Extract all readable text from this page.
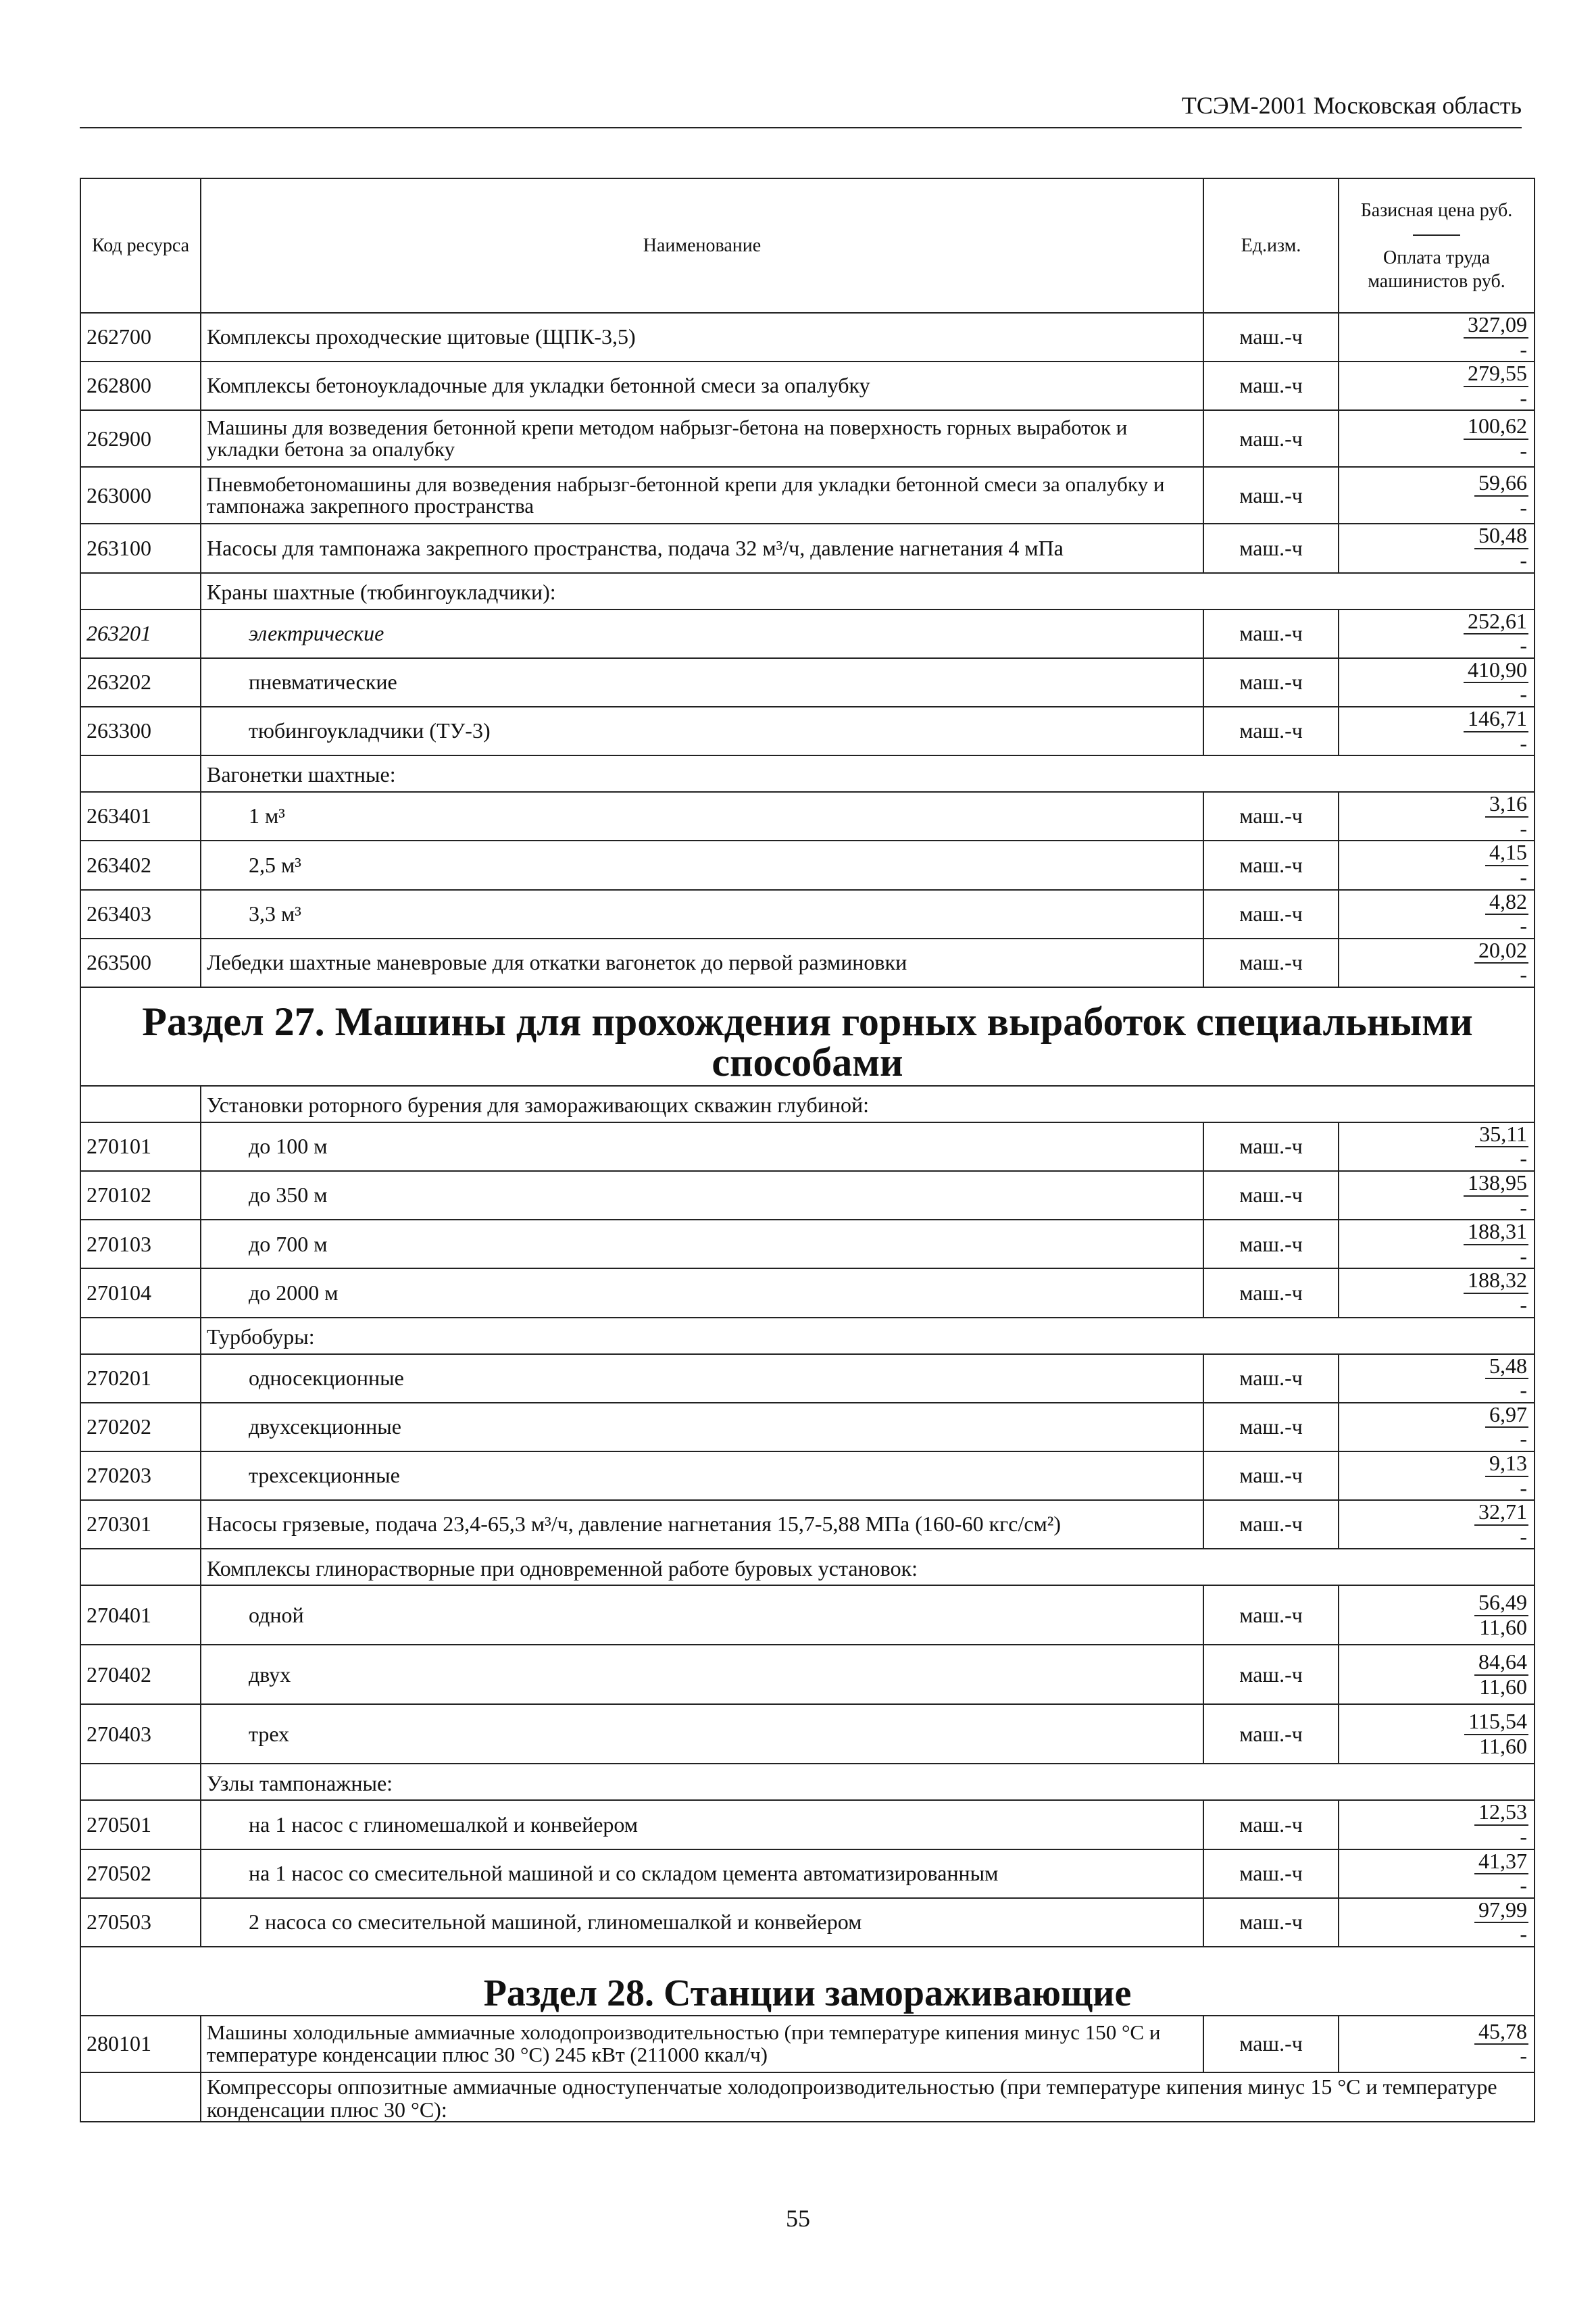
ТСЭМ-2001 Московская область
Код ресурса	Наименование	Ед.изм.	Базисная цена руб.
Оплата труда машинистов руб.

262700	Комплексы проходческие щитовые (ЩПК-3,5)	маш.-ч	327,09
-

262800	Комплексы бетоноукладочные для укладки бетонной смеси за опалубку	маш.-ч	279,55
-

262900	Машины для возведения бетонной крепи методом набрызг-бетона на поверхность горных выработок и укладки бетона за опалубку	маш.-ч	100,62
-

263000	Пневмобетономашины для возведения набрызг-бетонной крепи для укладки бетонной смеси за опалубку и тампонажа закрепного пространства	маш.-ч	59,66
-

263100	Насосы для тампонажа закрепного пространства, подача 32 м³/ч, давление нагнетания 4 мПа	маш.-ч	50,48
-

	Краны шахтные (тюбингоукладчики):		
263201	электрические	маш.-ч	252,61
-

263202	пневматические	маш.-ч	410,90
-

263300	тюбингоукладчики (ТУ-3)	маш.-ч	146,71
-

	Вагонетки шахтные:		
263401	1 м³	маш.-ч	3,16
-

263402	2,5 м³	маш.-ч	4,15
-

263403	3,3 м³	маш.-ч	4,82
-

263500	Лебедки шахтные маневровые для откатки вагонеток до первой разминовки	маш.-ч	20,02
-

Раздел 27. Машины для прохождения горных выработок специальными способами			
	Установки роторного бурения для замораживающих скважин глубиной:		
270101	до 100 м	маш.-ч	35,11
-

270102	до 350 м	маш.-ч	138,95
-

270103	до 700 м	маш.-ч	188,31
-

270104	до 2000 м	маш.-ч	188,32
-

	Турбобуры:		
270201	односекционные	маш.-ч	5,48
-

270202	двухсекционные	маш.-ч	6,97
-

270203	трехсекционные	маш.-ч	9,13
-

270301	Насосы грязевые, подача 23,4-65,3 м³/ч, давление нагнетания 15,7-5,88 МПа (160-60 кгс/см²)	маш.-ч	32,71
-

	Комплексы глинорастворные при одновременной работе буровых установок:		
270401	одной	маш.-ч	$\frac{56,49}{11,60}$

270402	двух	маш.-ч	$\frac{84,64}{11,60}$

270403	трех	маш.-ч	$\frac{115,54}{11,60}$

	Узлы тампонажные:		
270501	на 1 насос с глиномешалкой и конвейером	маш.-ч	12,53
-

270502	на 1 насос со смесительной машиной и со складом цемента автоматизированным	маш.-ч	41,37
-

270503	2 насоса со смесительной машиной, глиномешалкой и конвейером	маш.-ч	97,99
-

Раздел 28. Станции замораживающие			
280101	Машины холодильные аммиачные холодопроизводительностью (при температуре кипения минус 150 °С и температуре конденсации плюс 30 °С) 245 кВт (211000 ккал/ч)	маш.-ч	45,78
-

	Компрессоры оппозитные аммиачные одноступенчатые холодопроизводительностью (при температуре кипения минус 15 °С и температуре конденсации плюс 30 °С):		
55
